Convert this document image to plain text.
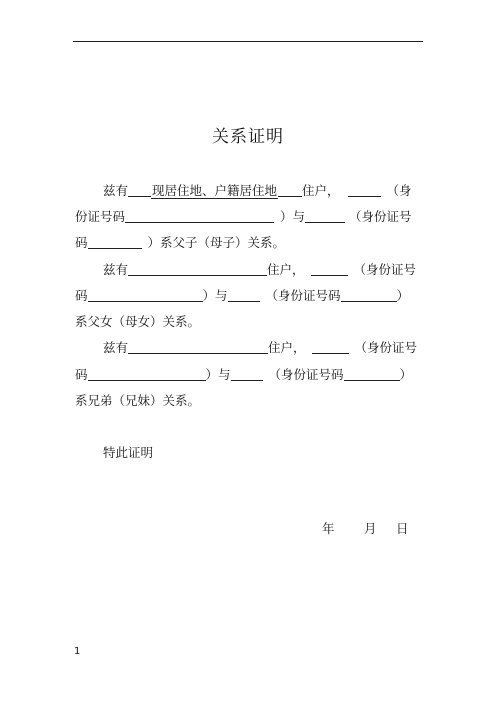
关系证明
兹有 现居住地、户籍居住地 住户，	（身
份证号码	）与	（身份证号
码	）系父子（母子）关系。
兹有	住户，	（身份证号
码	）与	（身份证号码	）
系父女（母女）关系。
兹有	住户，	（身份证号
码	）与	（身份证号码	）
系兄弟（兄妹）关系。
特此证明
年 月 日
1
